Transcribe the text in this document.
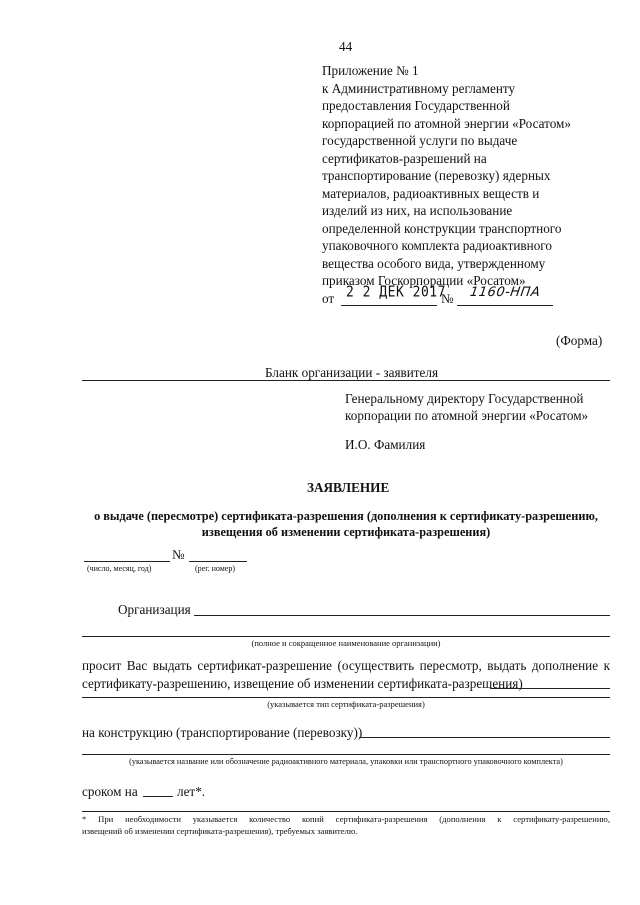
44
Приложение № 1
к Административному регламенту
предоставления Государственной
корпорацией по атомной энергии «Росатом»
государственной услуги по выдаче
сертификатов-разрешений на
транспортирование (перевозку) ядерных
материалов, радиоактивных веществ и
изделий из них, на использование
определенной конструкции транспортного
упаковочного комплекта радиоактивного
вещества особого вида, утвержденному
приказом Госкорпорации «Росатом»
от 2 2 ДЕК 2017
№ 1160-НПА
(Форма)
Бланк организации - заявителя
Генеральному директору Государственной
корпорации по атомной энергии «Росатом»
И.О. Фамилия
ЗАЯВЛЕНИЕ
о выдаче (пересмотре) сертификата-разрешения (дополнения к сертификату-разрешению,
извещения об изменении сертификата-разрешения)
№
(число, месяц, год)	(рег. номер)
Организация
(полное и сокращенное наименование организации)
просит Вас выдать сертификат-разрешение (осуществить пересмотр, выдать дополнение к
сертификату-разрешению, извещение об изменении сертификата-разрешения)
(указывается тип сертификата-разрешения)
на конструкцию (транспортирование (перевозку))
(указывается название или обозначение радиоактивного материала, упаковки или транспортного упаковочного комплекта)
сроком на	лет*.
* При необходимости указывается количество копий сертификата-разрешения (дополнения к сертификату-разрешению,
извещений об изменении сертификата-разрешения), требуемых заявителю.
